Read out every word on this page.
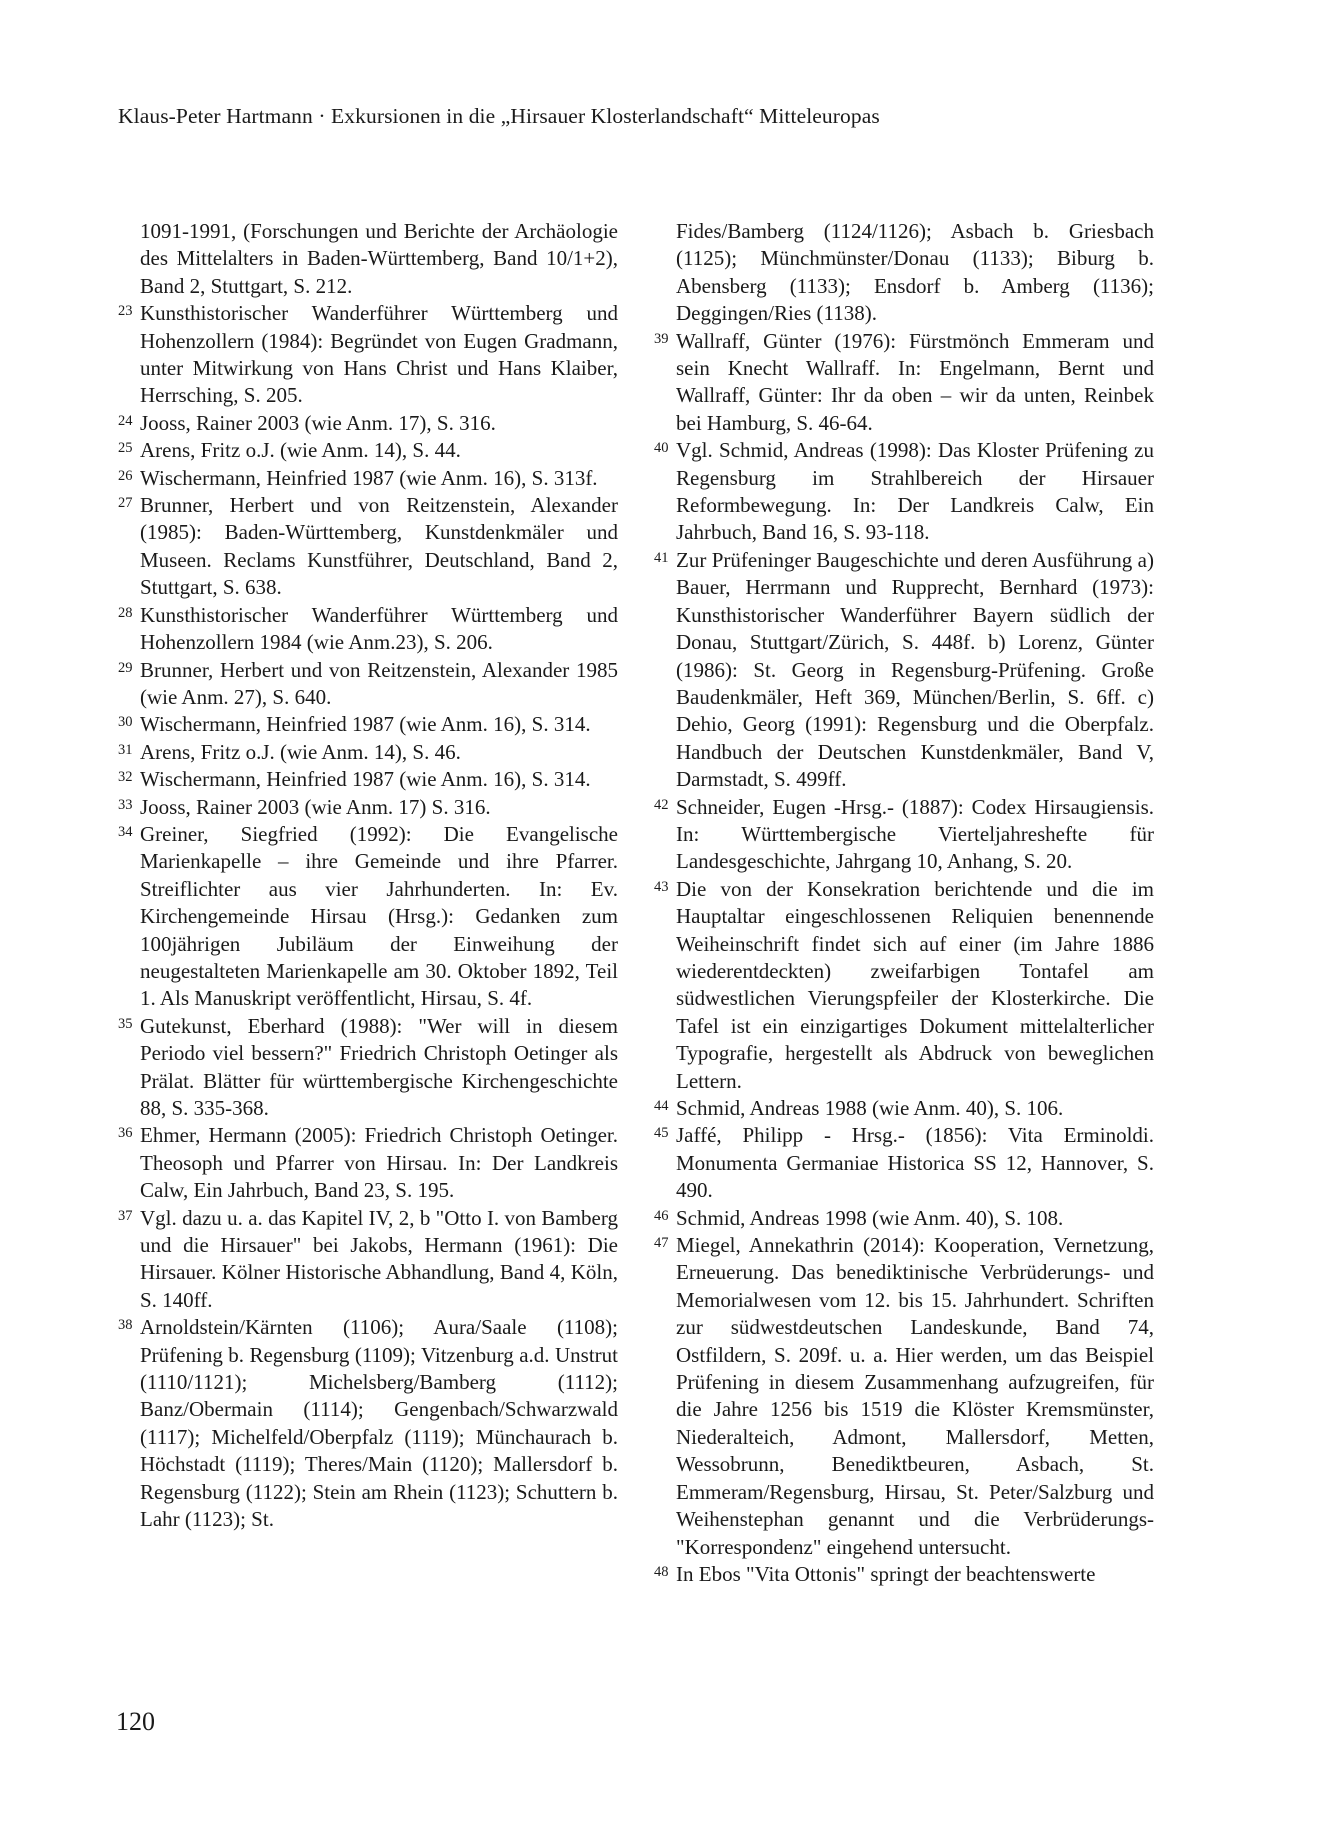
Klaus-Peter Hartmann · Exkursionen in die „Hirsauer Klosterlandschaft“ Mitteleuropas
1091-1991, (Forschungen und Berichte der Archäologie des Mittelalters in Baden-Württemberg, Band 10/1+2), Band 2, Stuttgart, S. 212.
23 Kunsthistorischer Wanderführer Württemberg und Hohenzollern (1984): Begründet von Eugen Gradmann, unter Mitwirkung von Hans Christ und Hans Klaiber, Herrsching, S. 205.
24 Jooss, Rainer 2003 (wie Anm. 17), S. 316.
25 Arens, Fritz o.J. (wie Anm. 14), S. 44.
26 Wischermann, Heinfried 1987 (wie Anm. 16), S. 313f.
27 Brunner, Herbert und von Reitzenstein, Alexander (1985): Baden-Württemberg, Kunstdenkmäler und Museen. Reclams Kunstführer, Deutschland, Band 2, Stuttgart, S. 638.
28 Kunsthistorischer Wanderführer Württemberg und Hohenzollern 1984 (wie Anm.23), S. 206.
29 Brunner, Herbert und von Reitzenstein, Alexander 1985 (wie Anm. 27), S. 640.
30 Wischermann, Heinfried 1987 (wie Anm. 16), S. 314.
31 Arens, Fritz o.J. (wie Anm. 14), S. 46.
32 Wischermann, Heinfried 1987 (wie Anm. 16), S. 314.
33 Jooss, Rainer 2003 (wie Anm. 17) S. 316.
34 Greiner, Siegfried (1992): Die Evangelische Marienkapelle – ihre Gemeinde und ihre Pfarrer. Streiflichter aus vier Jahrhunderten. In: Ev. Kirchengemeinde Hirsau (Hrsg.): Gedanken zum 100jährigen Jubiläum der Einweihung der neugestalteten Marienkapelle am 30. Oktober 1892, Teil 1. Als Manuskript veröffentlicht, Hirsau, S. 4f.
35 Gutekunst, Eberhard (1988): "Wer will in diesem Periodo viel bessern?" Friedrich Christoph Oetinger als Prälat. Blätter für württembergische Kirchengeschichte 88, S. 335-368.
36 Ehmer, Hermann (2005): Friedrich Christoph Oetinger. Theosoph und Pfarrer von Hirsau. In: Der Landkreis Calw, Ein Jahrbuch, Band 23, S. 195.
37 Vgl. dazu u. a. das Kapitel IV, 2, b "Otto I. von Bamberg und die Hirsauer" bei Jakobs, Hermann (1961): Die Hirsauer. Kölner Historische Abhandlung, Band 4, Köln, S. 140ff.
38 Arnoldstein/Kärnten (1106); Aura/Saale (1108); Prüfening b. Regensburg (1109); Vitzenburg a.d. Unstrut (1110/1121); Michelsberg/Bamberg (1112); Banz/Obermain (1114); Gengenbach/Schwarzwald (1117); Michelfeld/Oberpfalz (1119); Münchaurach b. Höchstadt (1119); Theres/Main (1120); Mallersdorf b. Regensburg (1122); Stein am Rhein (1123); Schuttern b. Lahr (1123); St.
Fides/Bamberg (1124/1126); Asbach b. Griesbach (1125); Münchmünster/Donau (1133); Biburg b. Abensberg (1133); Ensdorf b. Amberg (1136); Deggingen/Ries (1138).
39 Wallraff, Günter (1976): Fürstmönch Emmeram und sein Knecht Wallraff. In: Engelmann, Bernt und Wallraff, Günter: Ihr da oben – wir da unten, Reinbek bei Hamburg, S. 46-64.
40 Vgl. Schmid, Andreas (1998): Das Kloster Prüfening zu Regensburg im Strahlbereich der Hirsauer Reformbewegung. In: Der Landkreis Calw, Ein Jahrbuch, Band 16, S. 93-118.
41 Zur Prüfeninger Baugeschichte und deren Ausführung a) Bauer, Herrmann und Rupprecht, Bernhard (1973): Kunsthistorischer Wanderführer Bayern südlich der Donau, Stuttgart/Zürich, S. 448f. b) Lorenz, Günter (1986): St. Georg in Regensburg-Prüfening. Große Baudenkmäler, Heft 369, München/Berlin, S. 6ff. c) Dehio, Georg (1991): Regensburg und die Oberpfalz. Handbuch der Deutschen Kunstdenkmäler, Band V, Darmstadt, S. 499ff.
42 Schneider, Eugen -Hrsg.- (1887): Codex Hirsaugiensis. In: Württembergische Vierteljahreshefte für Landesgeschichte, Jahrgang 10, Anhang, S. 20.
43 Die von der Konsekration berichtende und die im Hauptaltar eingeschlossenen Reliquien benennende Weiheinschrift findet sich auf einer (im Jahre 1886 wiederentdeckten) zweifarbigen Tontafel am südwestlichen Vierungspfeiler der Klosterkirche. Die Tafel ist ein einzigartiges Dokument mittelalterlicher Typografie, hergestellt als Abdruck von beweglichen Lettern.
44 Schmid, Andreas 1988 (wie Anm. 40), S. 106.
45 Jaffé, Philipp - Hrsg.- (1856): Vita Erminoldi. Monumenta Germaniae Historica SS 12, Hannover, S. 490.
46 Schmid, Andreas 1998 (wie Anm. 40), S. 108.
47 Miegel, Annekathrin (2014): Kooperation, Vernetzung, Erneuerung. Das benediktinische Verbrüderungs- und Memorialwesen vom 12. bis 15. Jahrhundert. Schriften zur südwestdeutschen Landeskunde, Band 74, Ostfildern, S. 209f. u. a. Hier werden, um das Beispiel Prüfening in diesem Zusammenhang aufzugreifen, für die Jahre 1256 bis 1519 die Klöster Kremsmünster, Niederalteich, Admont, Mallersdorf, Metten, Wessobrunn, Benediktbeuren, Asbach, St. Emmeram/Regensburg, Hirsau, St. Peter/Salzburg und Weihenstephan genannt und die Verbrüderungs-"Korrespondenz" eingehend untersucht.
48 In Ebos "Vita Ottonis" springt der beachtenswerte
120
